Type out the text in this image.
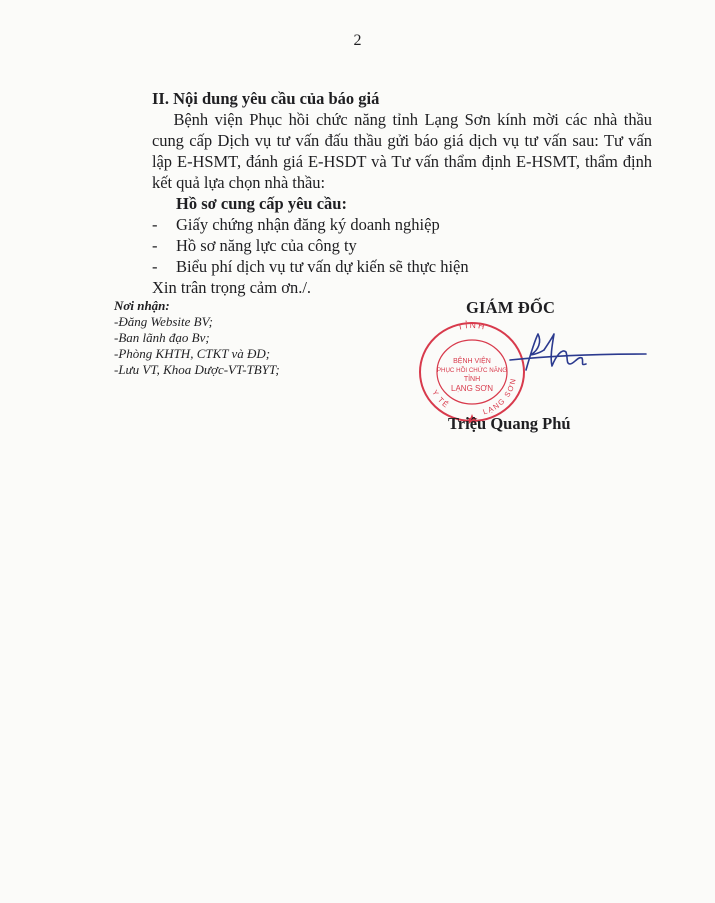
2

II. Nội dung yêu cầu của báo giá

Bệnh viện Phục hồi chức năng tỉnh Lạng Sơn kính mời các nhà thầu cung cấp Dịch vụ tư vấn đấu thầu gửi báo giá dịch vụ tư vấn sau: Tư vấn lập E-HSMT, đánh giá E-HSDT và Tư vấn thẩm định E-HSMT, thẩm định kết quả lựa chọn nhà thầu:

Hồ sơ cung cấp yêu cầu:

- Giấy chứng nhận đăng ký doanh nghiệp
- Hồ sơ năng lực của công ty
- Biểu phí dịch vụ tư vấn dự kiến sẽ thực hiện

Xin trân trọng cảm ơn./.

Nơi nhận:
-Đăng Website BV;
-Ban lãnh đạo Bv;
-Phòng KHTH, CTKT và ĐD;
-Lưu VT, Khoa Dược-VT-TBYT;
TỈNH
Y TẾ
LẠNG SƠN
BỆNH VIỆN
PHỤC HỒI CHỨC NĂNG
TỈNH
LẠNG SƠN
GIÁM ĐỐC
Triệu Quang Phú
